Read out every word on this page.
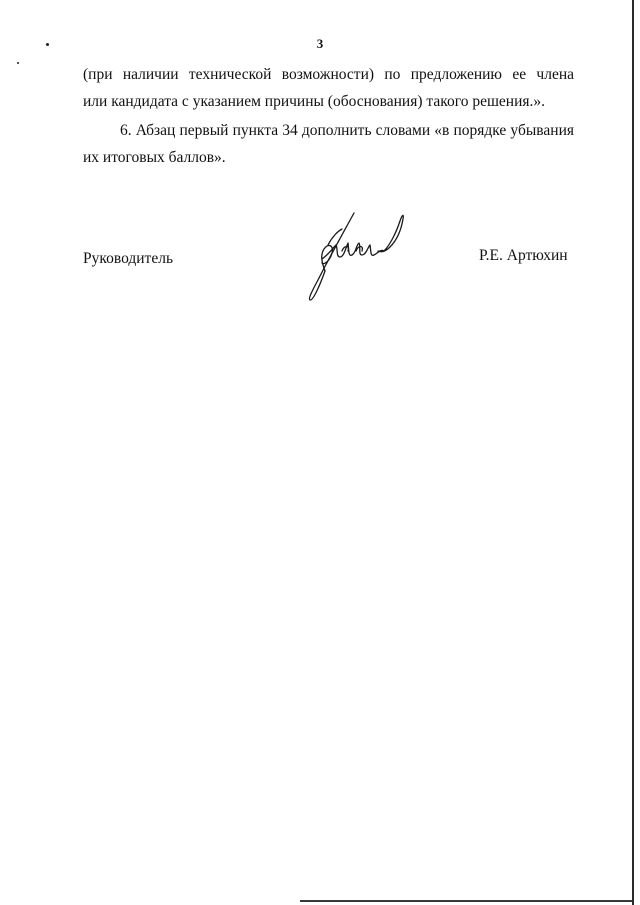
3
(при наличии технической возможности) по предложению ее члена
или кандидата с указанием причины (обоснования) такого решения.».
6. Абзац первый пункта 34 дополнить словами «в порядке убывания
их итоговых баллов».
Руководитель	Р.Е. Артюхин
